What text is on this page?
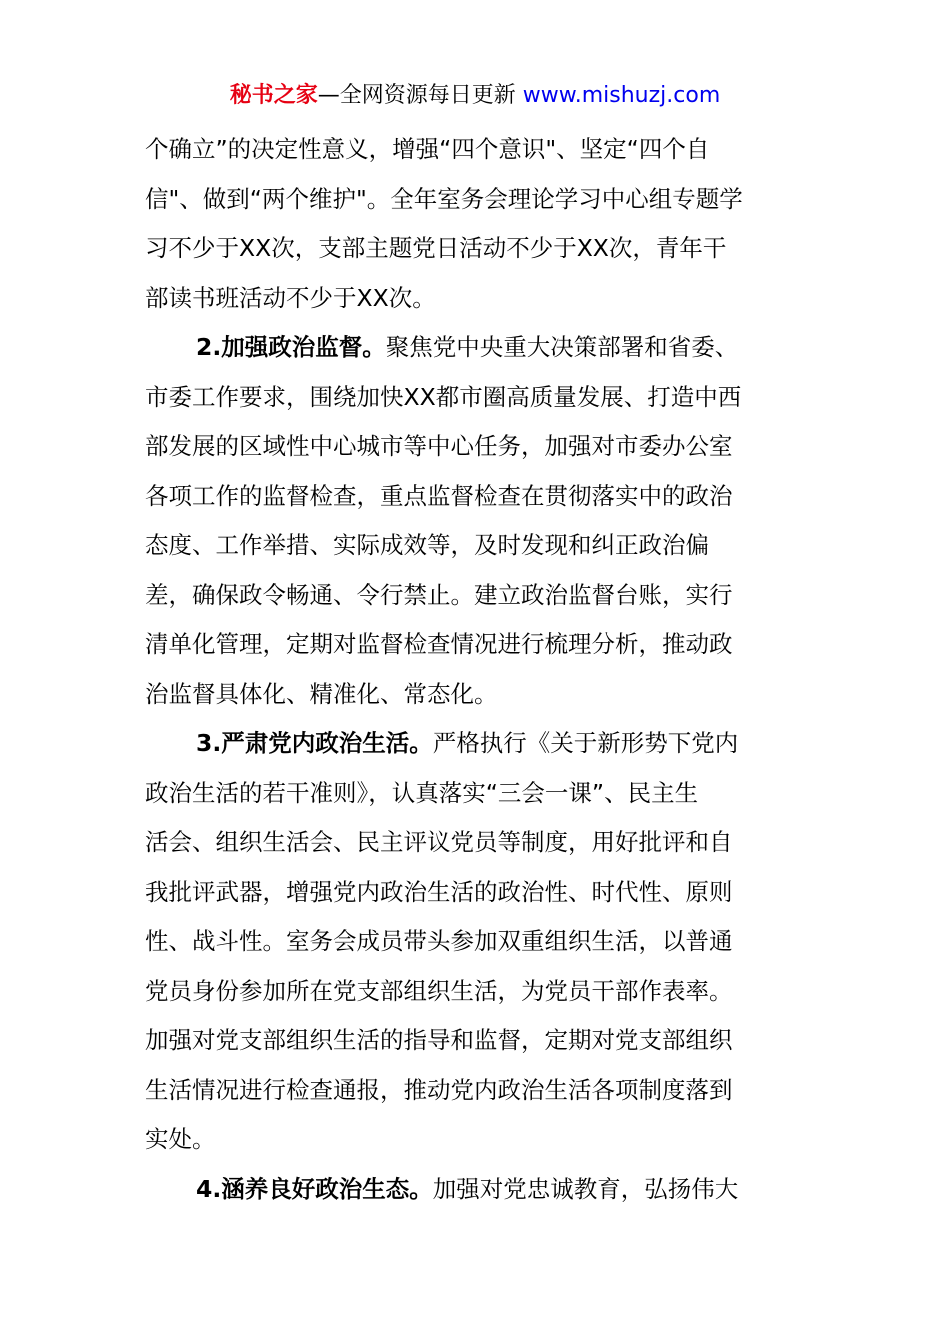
秘书之家—全网资源每日更新 www.mishuzj.com
个确立”的决定性意义，增强“四个意识"、坚定“四个自
信"、做到“两个维护"。全年室务会理论学习中心组专题学
习不少于XX次，支部主题党日活动不少于XX次，青年干
部读书班活动不少于XX次。
2.加强政治监督。聚焦党中央重大决策部署和省委、
市委工作要求，围绕加快XX都市圈高质量发展、打造中西
部发展的区域性中心城市等中心任务，加强对市委办公室
各项工作的监督检查，重点监督检查在贯彻落实中的政治
态度、工作举措、实际成效等，及时发现和纠正政治偏
差，确保政令畅通、令行禁止。建立政治监督台账，实行
清单化管理，定期对监督检查情况进行梳理分析，推动政
治监督具体化、精准化、常态化。
3.严肃党内政治生活。严格执行《关于新形势下党内
政治生活的若干准则》，认真落实“三会一课”、民主生
活会、组织生活会、民主评议党员等制度，用好批评和自
我批评武器，增强党内政治生活的政治性、时代性、原则
性、战斗性。室务会成员带头参加双重组织生活，以普通
党员身份参加所在党支部组织生活，为党员干部作表率。
加强对党支部组织生活的指导和监督，定期对党支部组织
生活情况进行检查通报，推动党内政治生活各项制度落到
实处。
4.涵养良好政治生态。加强对党忠诚教育，弘扬伟大
